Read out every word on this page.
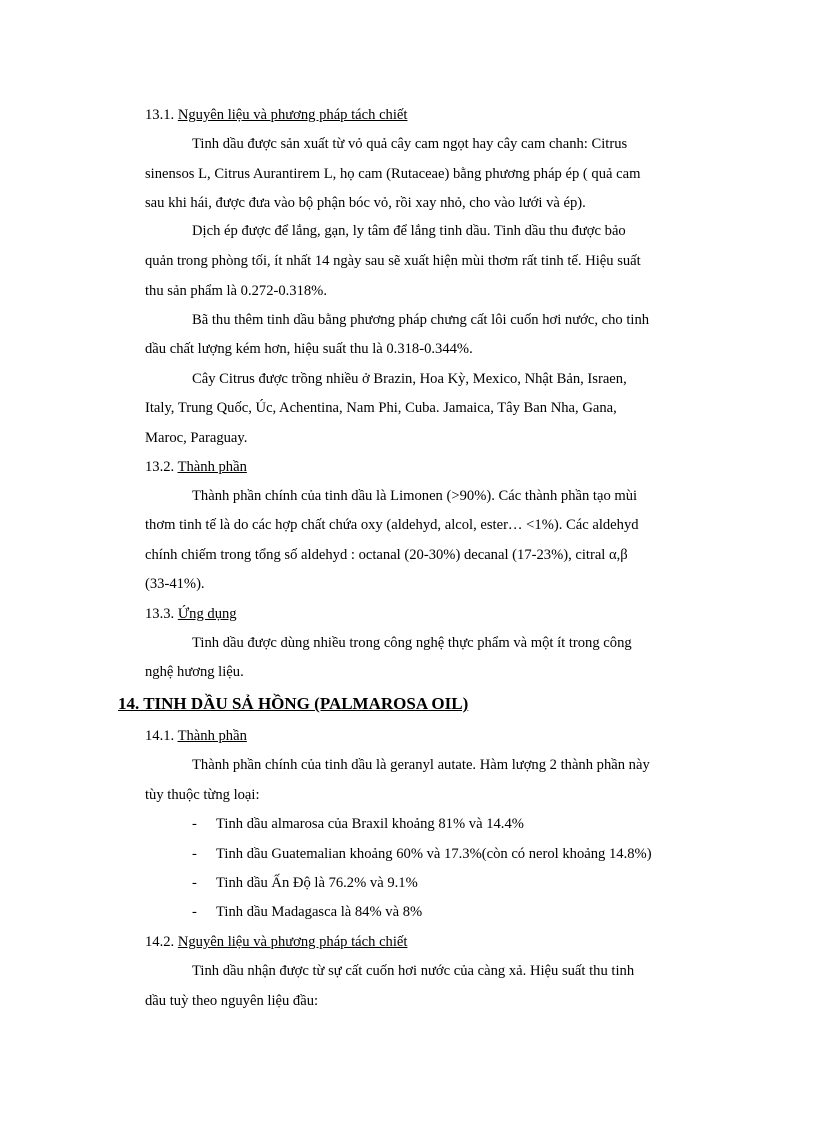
13.1. Nguyên liệu và phương pháp tách chiết
Tinh dầu được sản xuất từ vỏ quả cây cam ngọt hay cây cam chanh: Citrus
sinensos L, Citrus Aurantirem L, họ cam (Rutaceae) bằng phương pháp ép ( quả cam
sau khi hái, được đưa vào bộ phận bóc vỏ, rồi xay nhỏ, cho vào lưới và ép).
Dịch ép được để lắng, gạn, ly tâm để lắng tinh dầu. Tinh dầu thu được bảo
quản trong phòng tối, ít nhất 14 ngày sau sẽ xuất hiện mùi thơm rất tinh tế. Hiệu suất
thu sản phẩm là 0.272-0.318%.
Bã thu thêm tinh dầu bằng phương pháp chưng cất lôi cuốn hơi nước, cho tinh
dầu chất lượng kém hơn, hiệu suất thu là 0.318-0.344%.
Cây Citrus được trồng nhiều ở Brazin, Hoa Kỳ, Mexico, Nhật Bản, Israen,
Italy, Trung Quốc, Úc, Achentina, Nam Phi, Cuba. Jamaica, Tây Ban Nha, Gana,
Maroc, Paraguay.
13.2. Thành phần
Thành phần chính của tinh dầu là Limonen (>90%). Các thành phần tạo mùi
thơm tinh tế là do các hợp chất chứa oxy (aldehyd, alcol, ester… <1%). Các aldehyd
chính chiếm trong tổng số aldehyd : octanal (20-30%) decanal (17-23%), citral α,β
(33-41%).
13.3. Ứng dụng
Tinh dầu được dùng nhiều trong công nghệ thực phẩm và một ít trong công
nghệ hương liệu.
14. TINH DẦU SẢ HỒNG (PALMAROSA OIL)
14.1. Thành phần
Thành phần chính của tinh dầu là geranyl autate. Hàm lượng 2 thành phần này
tùy thuộc từng loại:
- Tinh dầu almarosa của Braxil khoảng 81% và 14.4%
- Tinh dầu Guatemalian khoảng 60% và 17.3%(còn có nerol khoảng 14.8%)
- Tinh dầu Ấn Độ là 76.2% và 9.1%
- Tinh dầu Madagasca là 84% và 8%
14.2. Nguyên liệu và phương pháp tách chiết
Tinh dầu nhận được từ sự cất cuốn hơi nước của càng xả. Hiệu suất thu tinh
dầu tuỳ theo nguyên liệu đầu:
